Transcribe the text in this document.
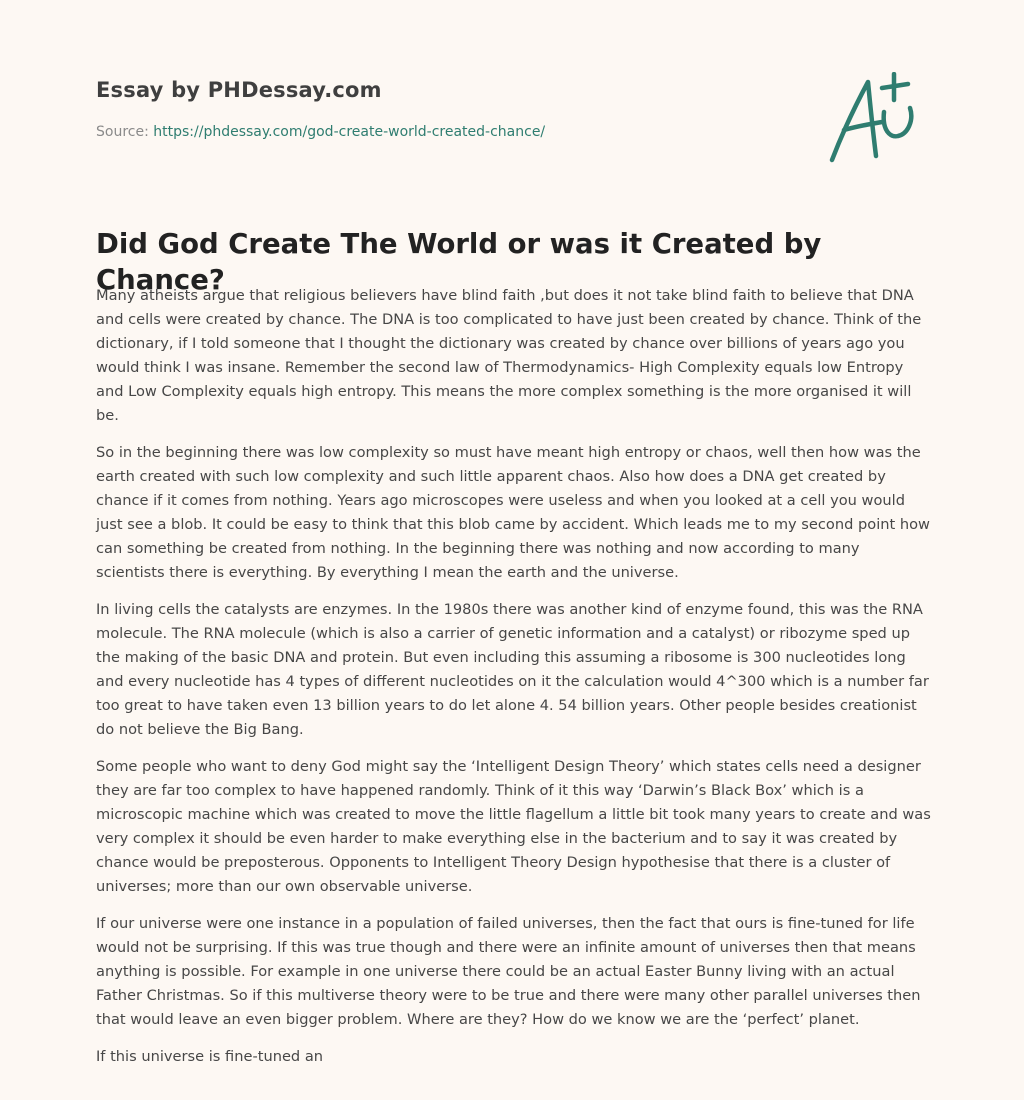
Essay by PHDessay.com
Source: https://phdessay.com/god-create-world-created-chance/
Did God Create The World or was it Created by Chance?

Many atheists argue that religious believers have blind faith ,but does it not take blind faith to believe that DNA and cells were created by chance. The DNA is too complicated to have just been created by chance. Think of the dictionary, if I told someone that I thought the dictionary was created by chance over billions of years ago you would think I was insane. Remember the second law of Thermodynamics- High Complexity equals low Entropy and Low Complexity equals high entropy. This means the more complex something is the more organised it will be.

So in the beginning there was low complexity so must have meant high entropy or chaos, well then how was the earth created with such low complexity and such little apparent chaos. Also how does a DNA get created by chance if it comes from nothing. Years ago microscopes were useless and when you looked at a cell you would just see a blob. It could be easy to think that this blob came by accident. Which leads me to my second point how can something be created from nothing. In the beginning there was nothing and now according to many scientists there is everything. By everything I mean the earth and the universe.

In living cells the catalysts are enzymes. In the 1980s there was another kind of enzyme found, this was the RNA molecule. The RNA molecule (which is also a carrier of genetic information and a catalyst) or ribozyme sped up the making of the basic DNA and protein. But even including this assuming a ribosome is 300 nucleotides long and every nucleotide has 4 types of different nucleotides on it the calculation would 4^300 which is a number far too great to have taken even 13 billion years to do let alone 4. 54 billion years. Other people besides creationist do not believe the Big Bang.

Some people who want to deny God might say the ‘Intelligent Design Theory’ which states cells need a designer they are far too complex to have happened randomly. Think of it this way ‘Darwin’s Black Box’ which is a microscopic machine which was created to move the little flagellum a little bit took many years to create and was very complex it should be even harder to make everything else in the bacterium and to say it was created by chance would be preposterous. Opponents to Intelligent Theory Design hypothesise that there is a cluster of universes; more than our own observable universe.

If our universe were one instance in a population of failed universes, then the fact that ours is fine-tuned for life would not be surprising. If this was true though and there were an infinite amount of universes then that means anything is possible. For example in one universe there could be an actual Easter Bunny living with an actual Father Christmas. So if this multiverse theory were to be true and there were many other parallel universes then that would leave an even bigger problem. Where are they? How do we know we are the ‘perfect’ planet.

If this universe is fine-tuned an
